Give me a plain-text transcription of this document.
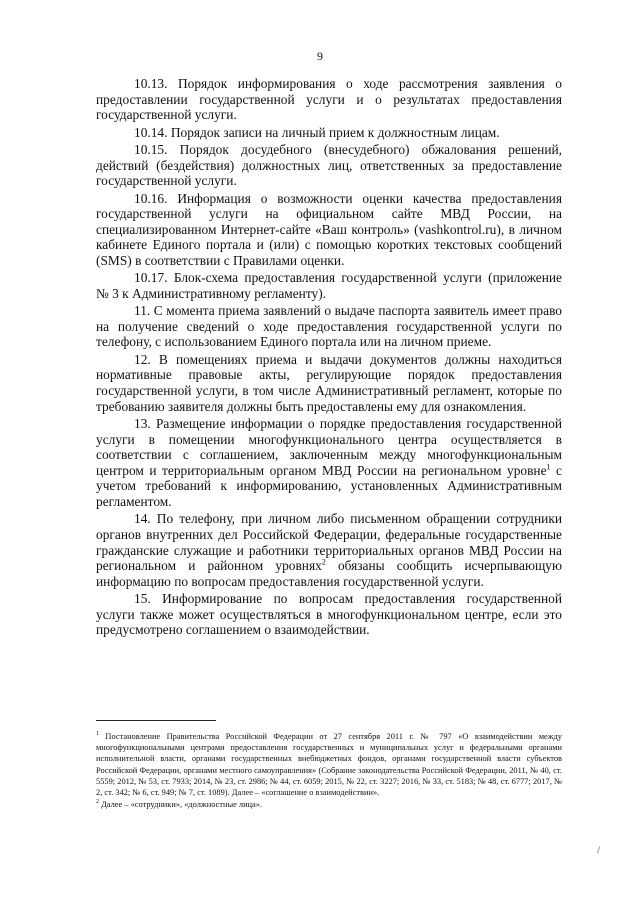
9

10.13. Порядок информирования о ходе рассмотрения заявления о предоставлении государственной услуги и о результатах предоставления государственной услуги.

10.14. Порядок записи на личный прием к должностным лицам.

10.15. Порядок досудебного (внесудебного) обжалования решений, действий (бездействия) должностных лиц, ответственных за предоставление государственной услуги.

10.16. Информация о возможности оценки качества предоставления государственной услуги на официальном сайте МВД России, на специализированном Интернет-сайте «Ваш контроль» (vashkontrol.ru), в личном кабинете Единого портала и (или) с помощью коротких текстовых сообщений (SMS) в соответствии с Правилами оценки.

10.17. Блок-схема предоставления государственной услуги (приложение № 3 к Административному регламенту).

11. С момента приема заявлений о выдаче паспорта заявитель имеет право на получение сведений о ходе предоставления государственной услуги по телефону, с использованием Единого портала или на личном приеме.

12. В помещениях приема и выдачи документов должны находиться нормативные правовые акты, регулирующие порядок предоставления государственной услуги, в том числе Административный регламент, которые по требованию заявителя должны быть предоставлены ему для ознакомления.

13. Размещение информации о порядке предоставления государственной услуги в помещении многофункционального центра осуществляется в соответствии с соглашением, заключенным между многофункциональным центром и территориальным органом МВД России на региональном уровне$^1$ с учетом требований к информированию, установленных Административным регламентом.

14. По телефону, при личном либо письменном обращении сотрудники органов внутренних дел Российской Федерации, федеральные государственные гражданские служащие и работники территориальных органов МВД России на региональном и районном уровнях$^2$ обязаны сообщить исчерпывающую информацию по вопросам предоставления государственной услуги.

15. Информирование по вопросам предоставления государственной услуги также может осуществляться в многофункциональном центре, если это предусмотрено соглашением о взаимодействии.

$^1$ Постановление Правительства Российской Федерации от 27 сентября 2011 г. № 797 «О взаимодействии между многофункциональными центрами предоставления государственных и муниципальных услуг и федеральными органами исполнительной власти, органами государственных внебюджетных фондов, органами государственной власти субъектов Российской Федерации, органами местного самоуправления» (Собрание законодательства Российской Федерации, 2011, № 40, ст. 5559; 2012, № 53, ст. 7933; 2014, № 23, ст. 2986; № 44, ст. 6059; 2015, № 22, ст. 3227; 2016, № 33, ст. 5183; № 48, ст. 6777; 2017, № 2, ст. 342; № 6, ст. 949; № 7, ст. 1089). Далее – «соглашение о взаимодействии».

$^2$ Далее – «сотрудники», «должностные лица».
